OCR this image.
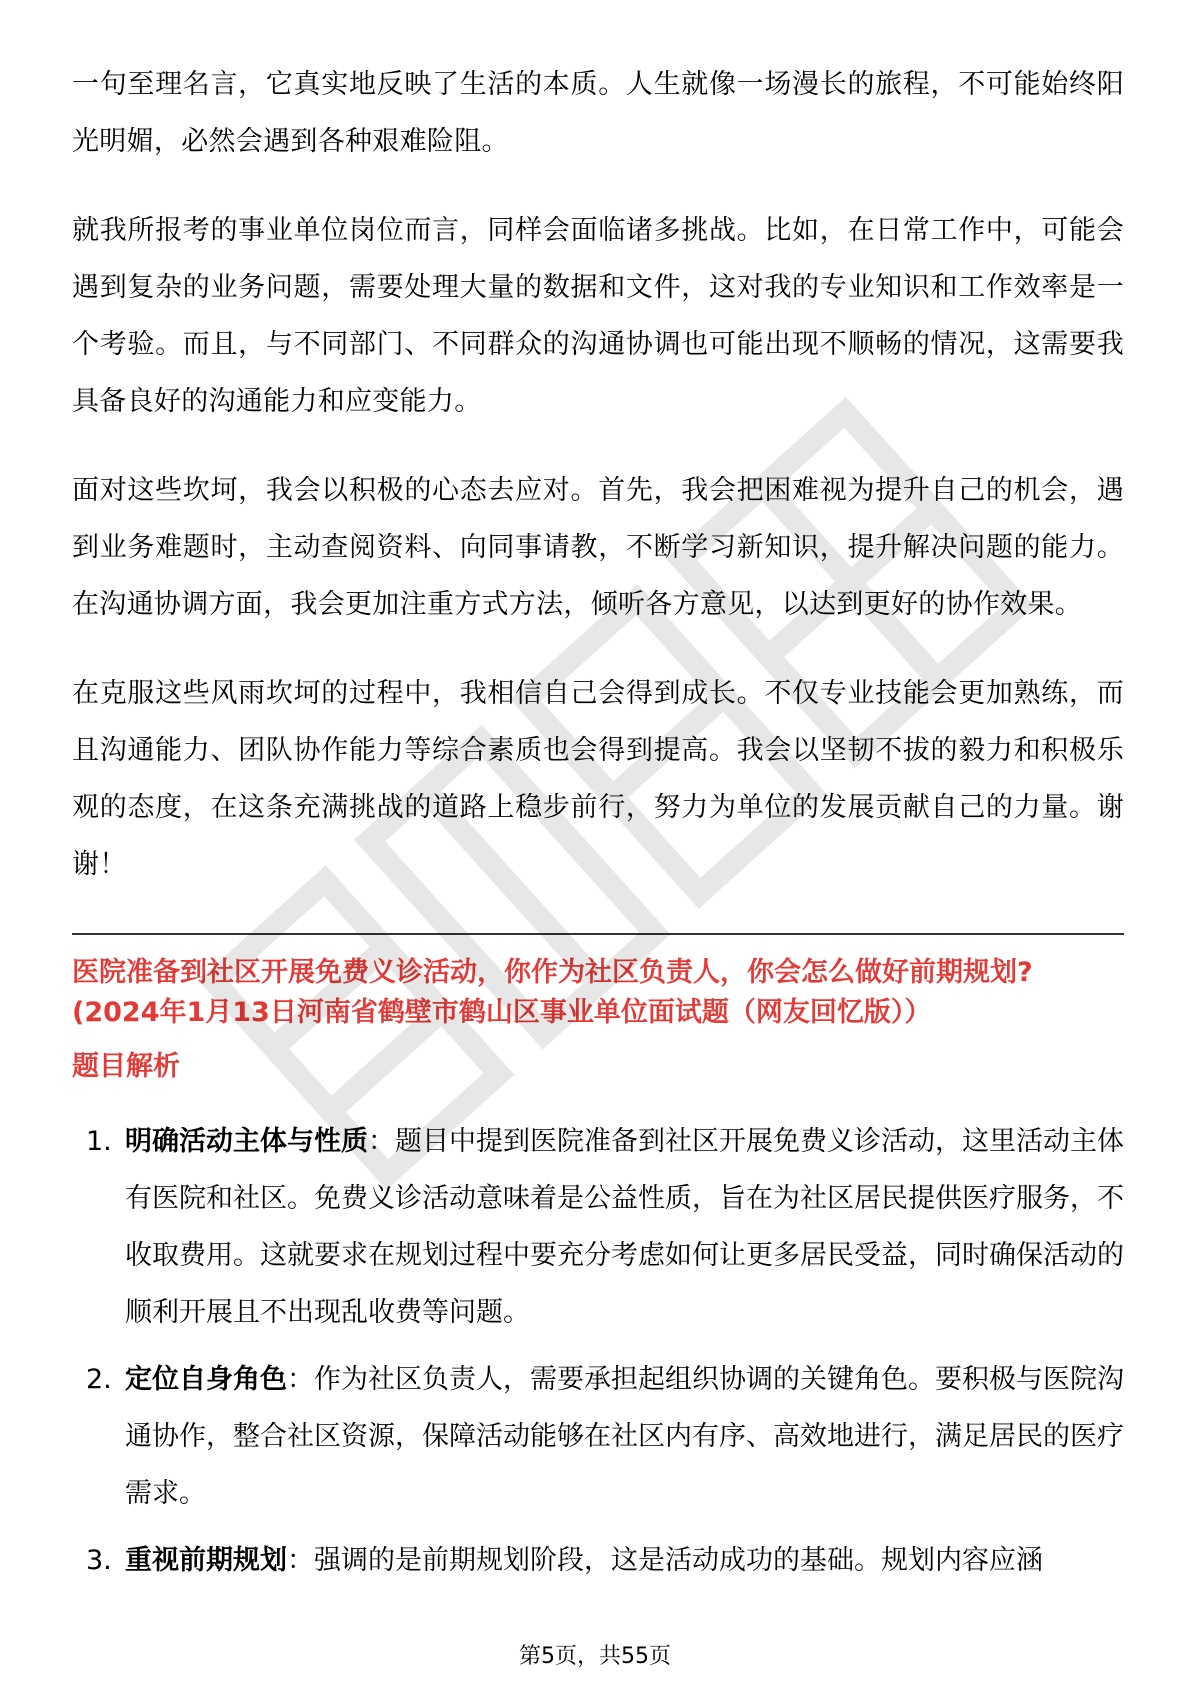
一句至理名言，它真实地反映了生活的本质。人生就像一场漫长的旅程，不可能始终阳光明媚，必然会遇到各种艰难险阻。

就我所报考的事业单位岗位而言，同样会面临诸多挑战。比如，在日常工作中，可能会遇到复杂的业务问题，需要处理大量的数据和文件，这对我的专业知识和工作效率是一个考验。而且，与不同部门、不同群众的沟通协调也可能出现不顺畅的情况，这需要我具备良好的沟通能力和应变能力。

面对这些坎坷，我会以积极的心态去应对。首先，我会把困难视为提升自己的机会，遇到业务难题时，主动查阅资料、向同事请教，不断学习新知识，提升解决问题的能力。在沟通协调方面，我会更加注重方式方法，倾听各方意见，以达到更好的协作效果。

在克服这些风雨坎坷的过程中，我相信自己会得到成长。不仅专业技能会更加熟练，而且沟通能力、团队协作能力等综合素质也会得到提高。我会以坚韧不拔的毅力和积极乐观的态度，在这条充满挑战的道路上稳步前行，努力为单位的发展贡献自己的力量。谢谢！

医院准备到社区开展免费义诊活动，你作为社区负责人，你会怎么做好前期规划?
(2024年1月13日河南省鹤壁市鹤山区事业单位面试题（网友回忆版））
题目解析
1. 明确活动主体与性质：题目中提到医院准备到社区开展免费义诊活动，这里活动主体有医院和社区。免费义诊活动意味着是公益性质，旨在为社区居民提供医疗服务，不收取费用。这就要求在规划过程中要充分考虑如何让更多居民受益，同时确保活动的顺利开展且不出现乱收费等问题。
2. 定位自身角色：作为社区负责人，需要承担起组织协调的关键角色。要积极与医院沟通协作，整合社区资源，保障活动能够在社区内有序、高效地进行，满足居民的医疗需求。
3. 重视前期规划：强调的是前期规划阶段，这是活动成功的基础。规划内容应涵
第5页，共55页
